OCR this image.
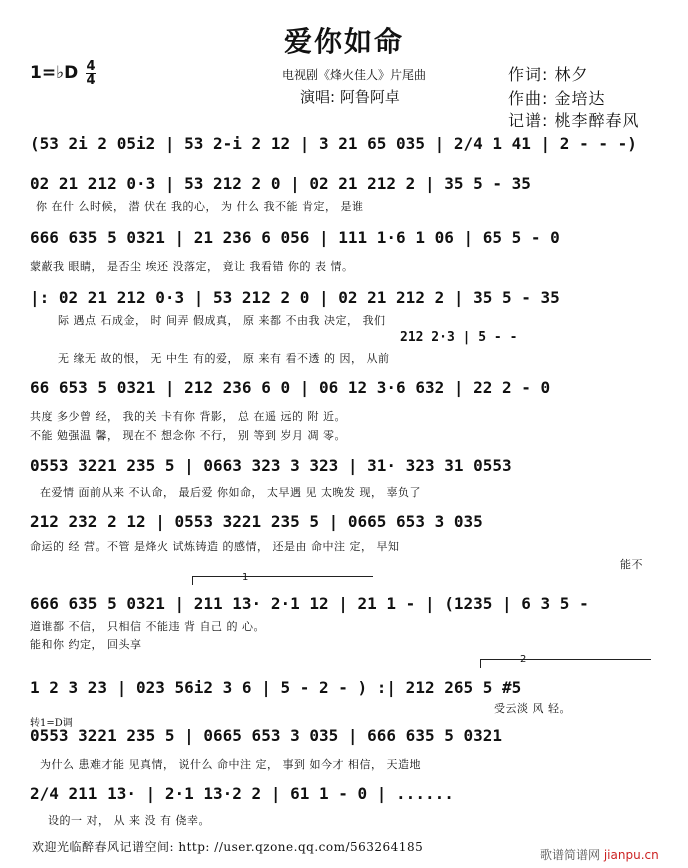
爱你如命
1=♭D 4
4	电视剧《烽火佳人》片尾曲
演唱: 阿鲁阿卓
作词: 林夕
作曲: 金培达
记谱: 桃李醉春风
(53 2i 2 05i2 | 53 2-i 2 12 | 3 21 65 035 | 2/4 1 41 | 2 - - -)
02 21 212 0·3 | 53 212 2 0 | 02 21 212 2 | 35 5 - 35
你 在什 么时候， 潜 伏在 我的心， 为 什么 我不能 肯定， 是谁
666 635 5 0321 | 21 236 6 056 | 111 1·6 1 06 | 65 5 - 0
蒙蔽我 眼睛， 是否尘 埃还 没落定， 竟让 我看错 你的 表 情。
|: 02 21 212 0·3 | 53 212 2 0 | 02 21 212 2 | 35 5 - 35
际 遇点 石成金， 时 间弄 假成真， 原 来都 不由我 决定， 我们
212 2·3 | 5 - -
无 缘无 故的恨， 无 中生 有的爱， 原 来有 看不透 的 因， 从前
66 653 5 0321 | 212 236 6 0 | 06 12 3·6 632 | 22 2 - 0
共度 多少曾 经， 我的关 卡有你 背影， 总 在遥 远的 附 近。
不能 勉强温 馨， 现在不 想念你 不行， 别 等到 岁月 凋 零。
0553 3221 235 5 | 0663 323 3 323 | 31· 323 31 0553
在爱情 面前从来 不认命， 最后爱 你如命， 太早遇 见 太晚发 现， 辜负了
212 232 2 12 | 0553 3221 235 5 | 0665 653 3 035
命运的 经 营。不管 是烽火 试炼铸造 的感情， 还是由 命中注 定， 早知
能不
1
666 635 5 0321 | 211 13· 2·1 12 | 21 1 - | (1235 | 6 3 5 -
道谁都 不信， 只相信 不能违 背 自己 的 心。
能和你 约定， 回头享
2
1 2 3 23 | 023 56i2 3 6 | 5 - 2 - ) :| 212 265 5 #5
受云淡 风 轻。
转1=D调
0553 3221 235 5 | 0665 653 3 035 | 666 635 5 0321
为什么 患难才能 见真情， 说什么 命中注 定， 事到 如今才 相信， 天造地
2/4 211 13· | 2·1 13·2 2 | 61 1 - 0 | ......
设的一 对， 从 来 没 有 侥幸。
欢迎光临醉春风记谱空间: http: //user.qzone.qq.com/563264185
歌谱简谱网 jianpu.cn
